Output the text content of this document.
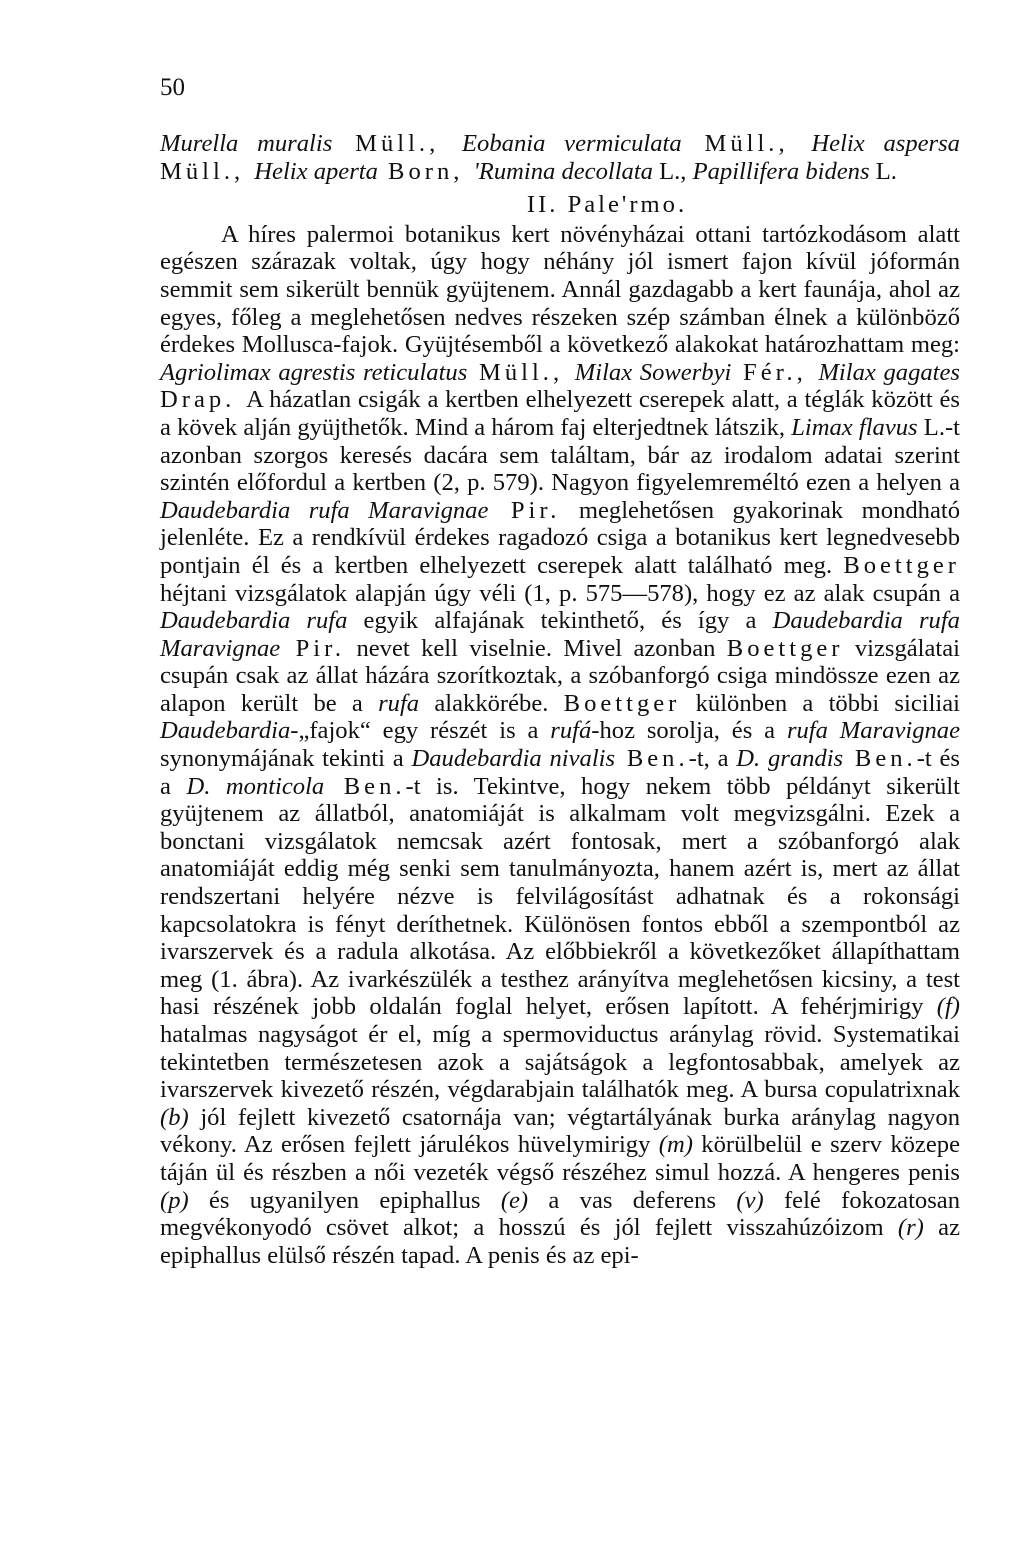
50

Murella muralis Müll., Eobania vermiculata Müll., Helix aspersa Müll., Helix aperta Born, 'Rumina decollata L., Papillifera bidens L.

II. Pale'rmo.

A híres palermoi botanikus kert növényházai ottani tartózkodásom alatt egészen szárazak voltak, úgy hogy néhány jól ismert fajon kívül jóformán semmit sem sikerült bennük gyüjtenem. Annál gazdagabb a kert faunája, ahol az egyes, főleg a meglehetősen nedves részeken szép számban élnek a különböző érdekes Mollusca-fajok. Gyüjtésemből a következő alakokat határozhattam meg: Agriolimax agrestis reticulatus Müll., Milax Sowerbyi Fér., Milax gagates Drap. A házatlan csigák a kertben elhelyezett cserepek alatt, a téglák között és a kövek alján gyüjthetők. Mind a három faj elterjedtnek látszik, Limax flavus L.-t azonban szorgos keresés dacára sem találtam, bár az irodalom adatai szerint szintén előfordul a kertben (2, p. 579). Nagyon figyelemreméltó ezen a helyen a Daudebardia rufa Maravignae Pir. meglehetősen gyakorinak mondható jelenléte. Ez a rendkívül érdekes ragadozó csiga a botanikus kert legnedvesebb pontjain él és a kertben elhelyezett cserepek alatt található meg. Boettger héjtani vizsgálatok alapján úgy véli (1, p. 575—578), hogy ez az alak csupán a Daudebardia rufa egyik alfajának tekinthető, és így a Daudebardia rufa Maravignae Pir. nevet kell viselnie. Mivel azonban Boettger vizsgálatai csupán csak az állat házára szorítkoztak, a szóbanforgó csiga mindössze ezen az alapon került be a rufa alakkörébe. Boettger különben a többi siciliai Daudebardia-„fajok“ egy részét is a rufá-hoz sorolja, és a rufa Maravignae synonymájának tekinti a Daudebardia nivalis Ben.-t, a D. grandis Ben.-t és a D. monticola Ben.-t is. Tekintve, hogy nekem több példányt sikerült gyüjtenem az állatból, anatomiáját is alkalmam volt megvizsgálni. Ezek a bonctani vizsgálatok nemcsak azért fontosak, mert a szóbanforgó alak anatomiáját eddig még senki sem tanulmányozta, hanem azért is, mert az állat rendszertani helyére nézve is felvilágosítást adhatnak és a rokonsági kapcsolatokra is fényt deríthetnek. Különösen fontos ebből a szempontból az ivarszervek és a radula alkotása. Az előbbiekről a következőket állapíthattam meg (1. ábra). Az ivarkészülék a testhez arányítva meglehetősen kicsiny, a test hasi részének jobb oldalán foglal helyet, erősen lapított. A fehérjmirigy (f) hatalmas nagyságot ér el, míg a spermoviductus aránylag rövid. Systematikai tekintetben természetesen azok a sajátságok a legfontosabbak, amelyek az ivarszervek kivezető részén, végdarabjain találhatók meg. A bursa copulatrixnak (b) jól fejlett kivezető csatornája van; végtartályának burka aránylag nagyon vékony. Az erősen fejlett járulékos hüvelymirigy (m) körülbelül e szerv közepe táján ül és részben a női vezeték végső részéhez simul hozzá. A hengeres penis (p) és ugyanilyen epiphallus (e) a vas deferens (v) felé fokozatosan megvékonyodó csövet alkot; a hosszú és jól fejlett visszahúzóizom (r) az epiphallus elülső részén tapad. A penis és az epi-
